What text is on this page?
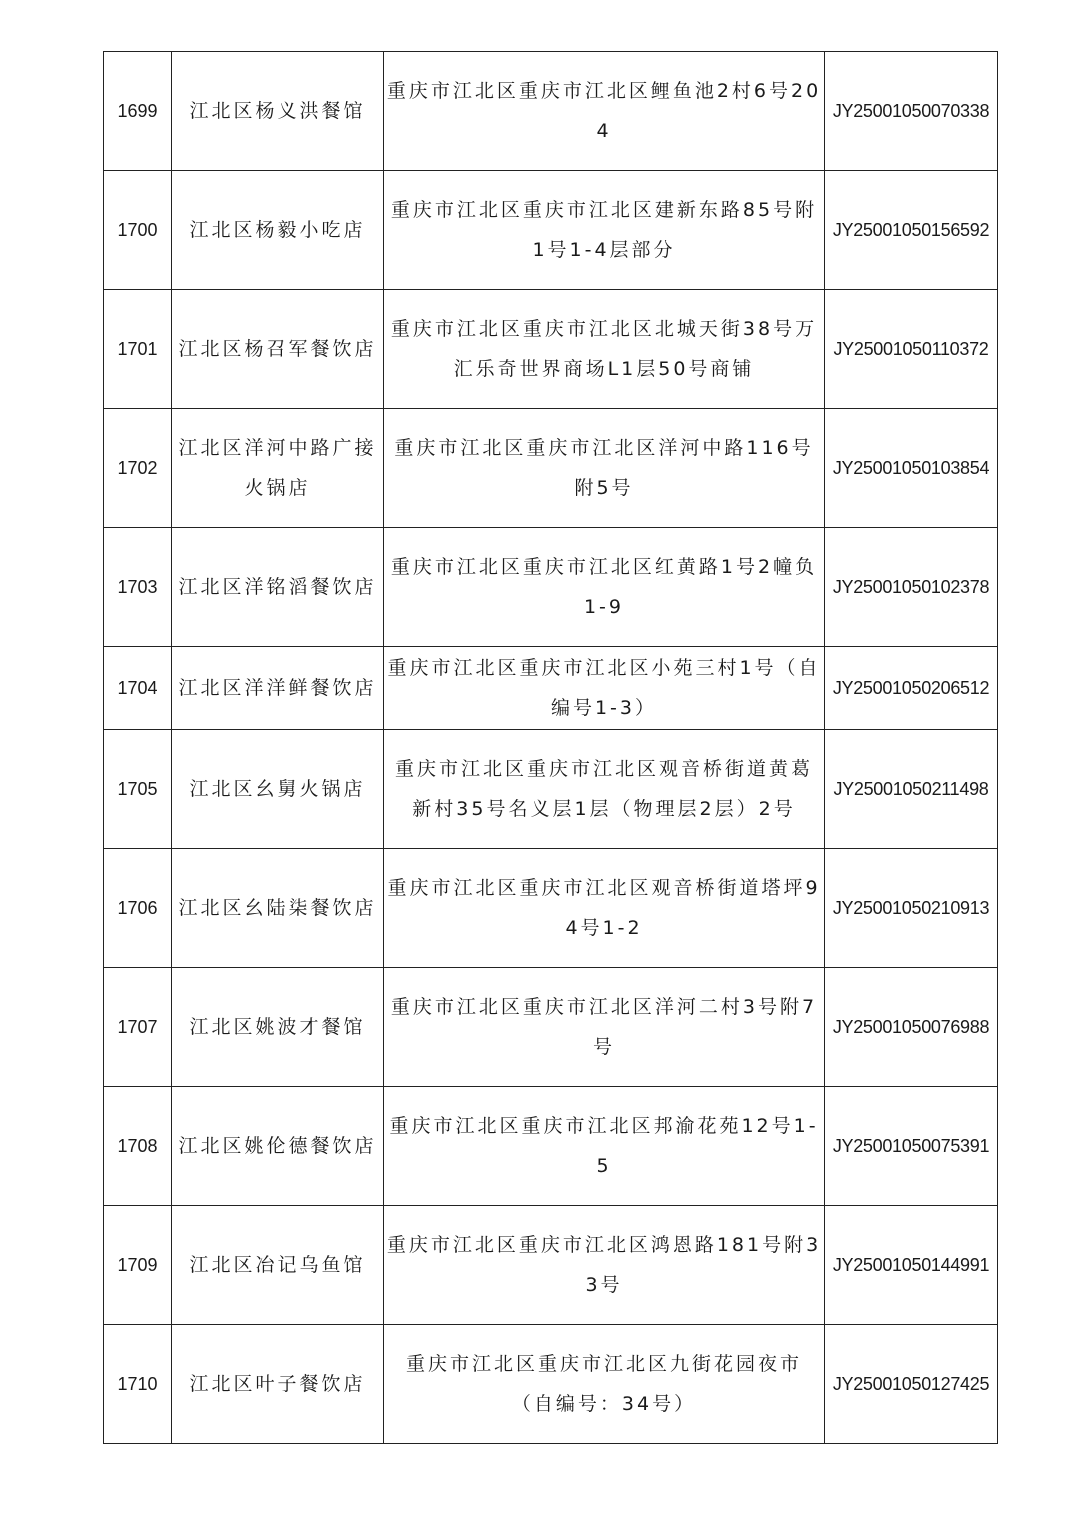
1699	江北区杨义洪餐馆	重庆市江北区重庆市江北区鲤鱼池2村6号204	JY25001050070338
1700	江北区杨毅小吃店	重庆市江北区重庆市江北区建新东路85号附1号1-4层部分	JY25001050156592
1701	江北区杨召军餐饮店	重庆市江北区重庆市江北区北城天街38号万汇乐奇世界商场L1层50号商铺	JY25001050110372
1702	江北区洋河中路广接火锅店	重庆市江北区重庆市江北区洋河中路116号附5号	JY25001050103854
1703	江北区洋铭滔餐饮店	重庆市江北区重庆市江北区红黄路1号2幢负1-9	JY25001050102378
1704	江北区洋洋鲜餐饮店	重庆市江北区重庆市江北区小苑三村1号（自编号1-3）	JY25001050206512
1705	江北区幺舅火锅店	重庆市江北区重庆市江北区观音桥街道黄葛新村35号名义层1层（物理层2层）2号	JY25001050211498
1706	江北区幺陆柒餐饮店	重庆市江北区重庆市江北区观音桥街道塔坪94号1-2	JY25001050210913
1707	江北区姚波才餐馆	重庆市江北区重庆市江北区洋河二村3号附7号	JY25001050076988
1708	江北区姚伦德餐饮店	重庆市江北区重庆市江北区邦渝花苑12号1-5	JY25001050075391
1709	江北区冶记乌鱼馆	重庆市江北区重庆市江北区鸿恩路181号附33号	JY25001050144991
1710	江北区叶子餐饮店	重庆市江北区重庆市江北区九街花园夜市（自编号：34号）	JY25001050127425
